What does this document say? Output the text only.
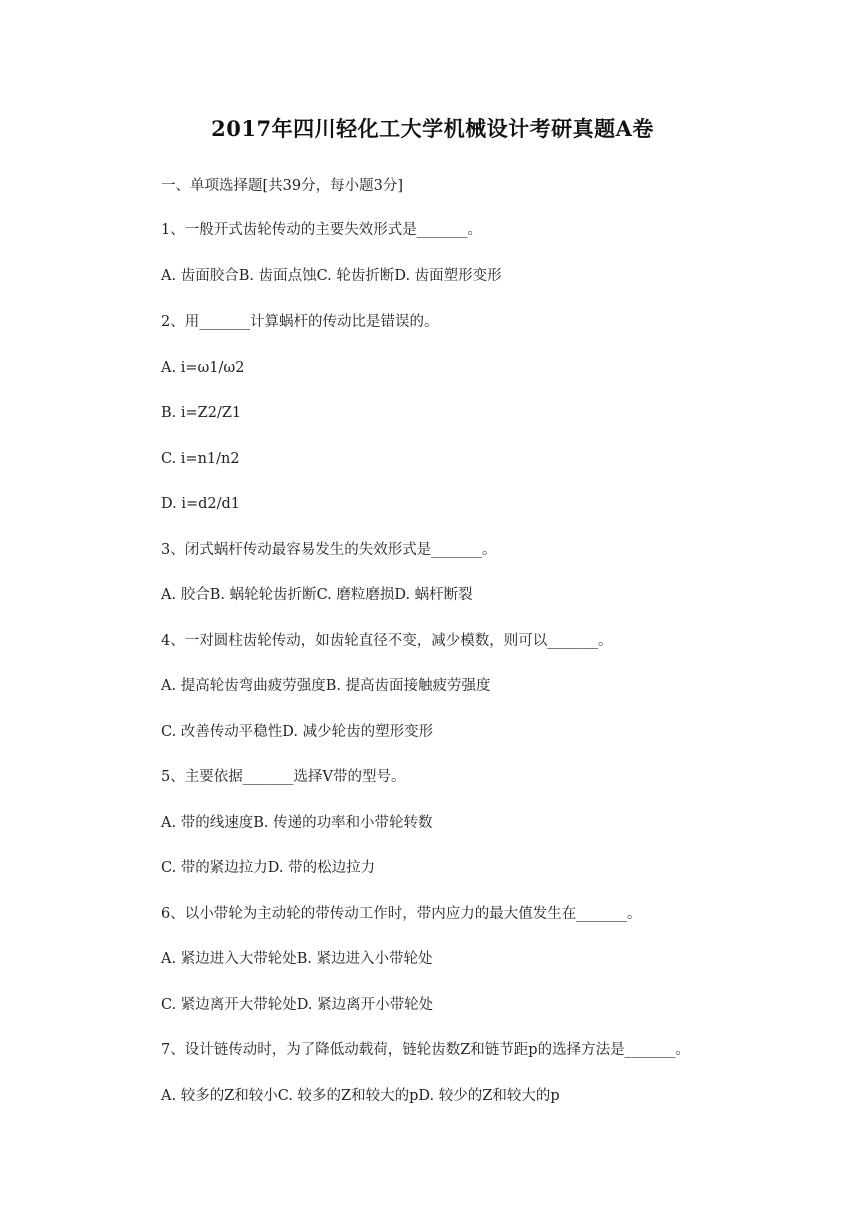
2017年四川轻化工大学机械设计考研真题A卷
一、单项选择题[共39分，每小题3分]
1、一般开式齿轮传动的主要失效形式是_______。
A. 齿面胶合B. 齿面点蚀C. 轮齿折断D. 齿面塑形变形
2、用_______计算蜗杆的传动比是错误的。
A. i=ω1/ω2
B. i=Z2/Z1
C. i=n1/n2
D. i=d2/d1
3、闭式蜗杆传动最容易发生的失效形式是_______。
A. 胶合B. 蜗轮轮齿折断C. 磨粒磨损D. 蜗杆断裂
4、一对圆柱齿轮传动，如齿轮直径不变，减少模数，则可以_______。
A. 提高轮齿弯曲疲劳强度B. 提高齿面接触疲劳强度
C. 改善传动平稳性D. 减少轮齿的塑形变形
5、主要依据_______选择V带的型号。
A. 带的线速度B. 传递的功率和小带轮转数
C. 带的紧边拉力D. 带的松边拉力
6、以小带轮为主动轮的带传动工作时，带内应力的最大值发生在_______。
A. 紧边进入大带轮处B. 紧边进入小带轮处
C. 紧边离开大带轮处D. 紧边离开小带轮处
7、设计链传动时，为了降低动载荷，链轮齿数Z和链节距p的选择方法是_______。
A. 较多的Z和较小C. 较多的Z和较大的pD. 较少的Z和较大的p
